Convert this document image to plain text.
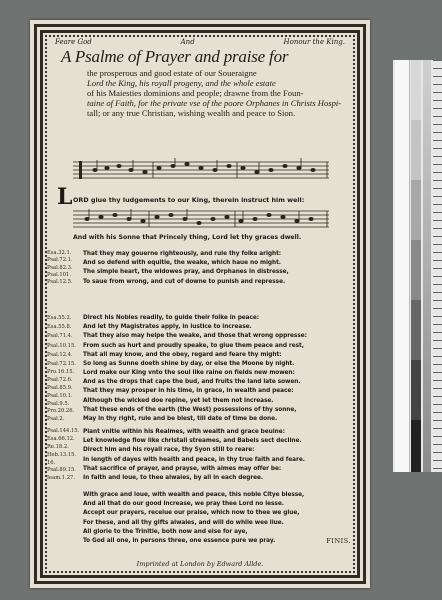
Feare God	And	Honour the King.
A Psalme of Prayer and praise for
the prosperous and good estate of our Soueraigne
Lord the King, his royall progeny, and the whole estate
of his Maiesties dominions and people; drawne from the Foun-
taine of Faith, for the private vse of the poore Orphanes in Christs Hospi-
tall; or any true Christian, wishing wealth and peace to Sion.
L ORD giue thy Iudgements to our King, therein instruct him well:
And with his Sonne that Princely thing, Lord let thy graces dwell.
Esa.32.1.
Psal.72.1.
Psal.82.3.
Psal.101.
Psal.12.5.
That they may gouerne righteously, and rule thy folke aright:
And so defend with equitie, the weake, which haue no might.
The simple heart, the widowes pray, and Orphanes in distresse,
To saue from wrong, and cut of downe to punish and represse.
Esa.55.2.
Esa.55.8.
Psal.71.4.
Psal.10.15.
Psal.12.4.
Psal.72.15.
Direct his Nobles readily, to guide their folke in peace:
And let thy Magistrates apply, in iustice to increase.
That they also may helpe the weake, and those that wrong oppresse:
From such as hurt and proudly speake, to giue them peace and rest,
That all may know, and the obey, regard and feare thy might:
So long as Sunne doeth shine by day, or else the Moone by night.
Pro.16.15.
Psal.72.6.
Psal.85.9.
Psal.10.1.
Psal.9.5.
Pro.20.26.
Psal.2.
Lord make our King vnto the soul like raine on fields new mowen:
And as the drops that cape the bud, and fruits the land late sowen.
That they may prosper in his time, in grace, in wealth and peace:
Although the wicked doe repine, yet let them not increase.
That these ends of the earth (the West) possessions of thy sonne,
May in thy right, rule and be blest, till date of time be done.
Psal.144.15.
Esa.66.12.
Re.18.2.
Heb.13.15.
16.
Psal.89.15.
Ieam.1.27.
Plant vnitie within his Realmes, with wealth and grace beuine:
Let knowledge flow like christall streames, and Babels sect decline.
Direct him and his royall race, thy Syon still to reare:
In length of dayes with health and peace, in thy true faith and feare.
That sacrifice of prayer, and prayse, with almes may offer be:
In faith and loue, to thee alwaies, by all in each degree.
With grace and loue, with wealth and peace, this noble Citye blesse,
And all that do our good increase, we pray thee Lord no lesse.
Accept our prayers, receiue our praise, which now to thee we giue,
For these, and all thy gifts alwaies, and will do while wee liue.
All glorie to the Trinitie, both now and else for aye,
To God all one, in persons three, one essence pure we pray.	FINIS.
Imprinted at London by Edward Allde.
